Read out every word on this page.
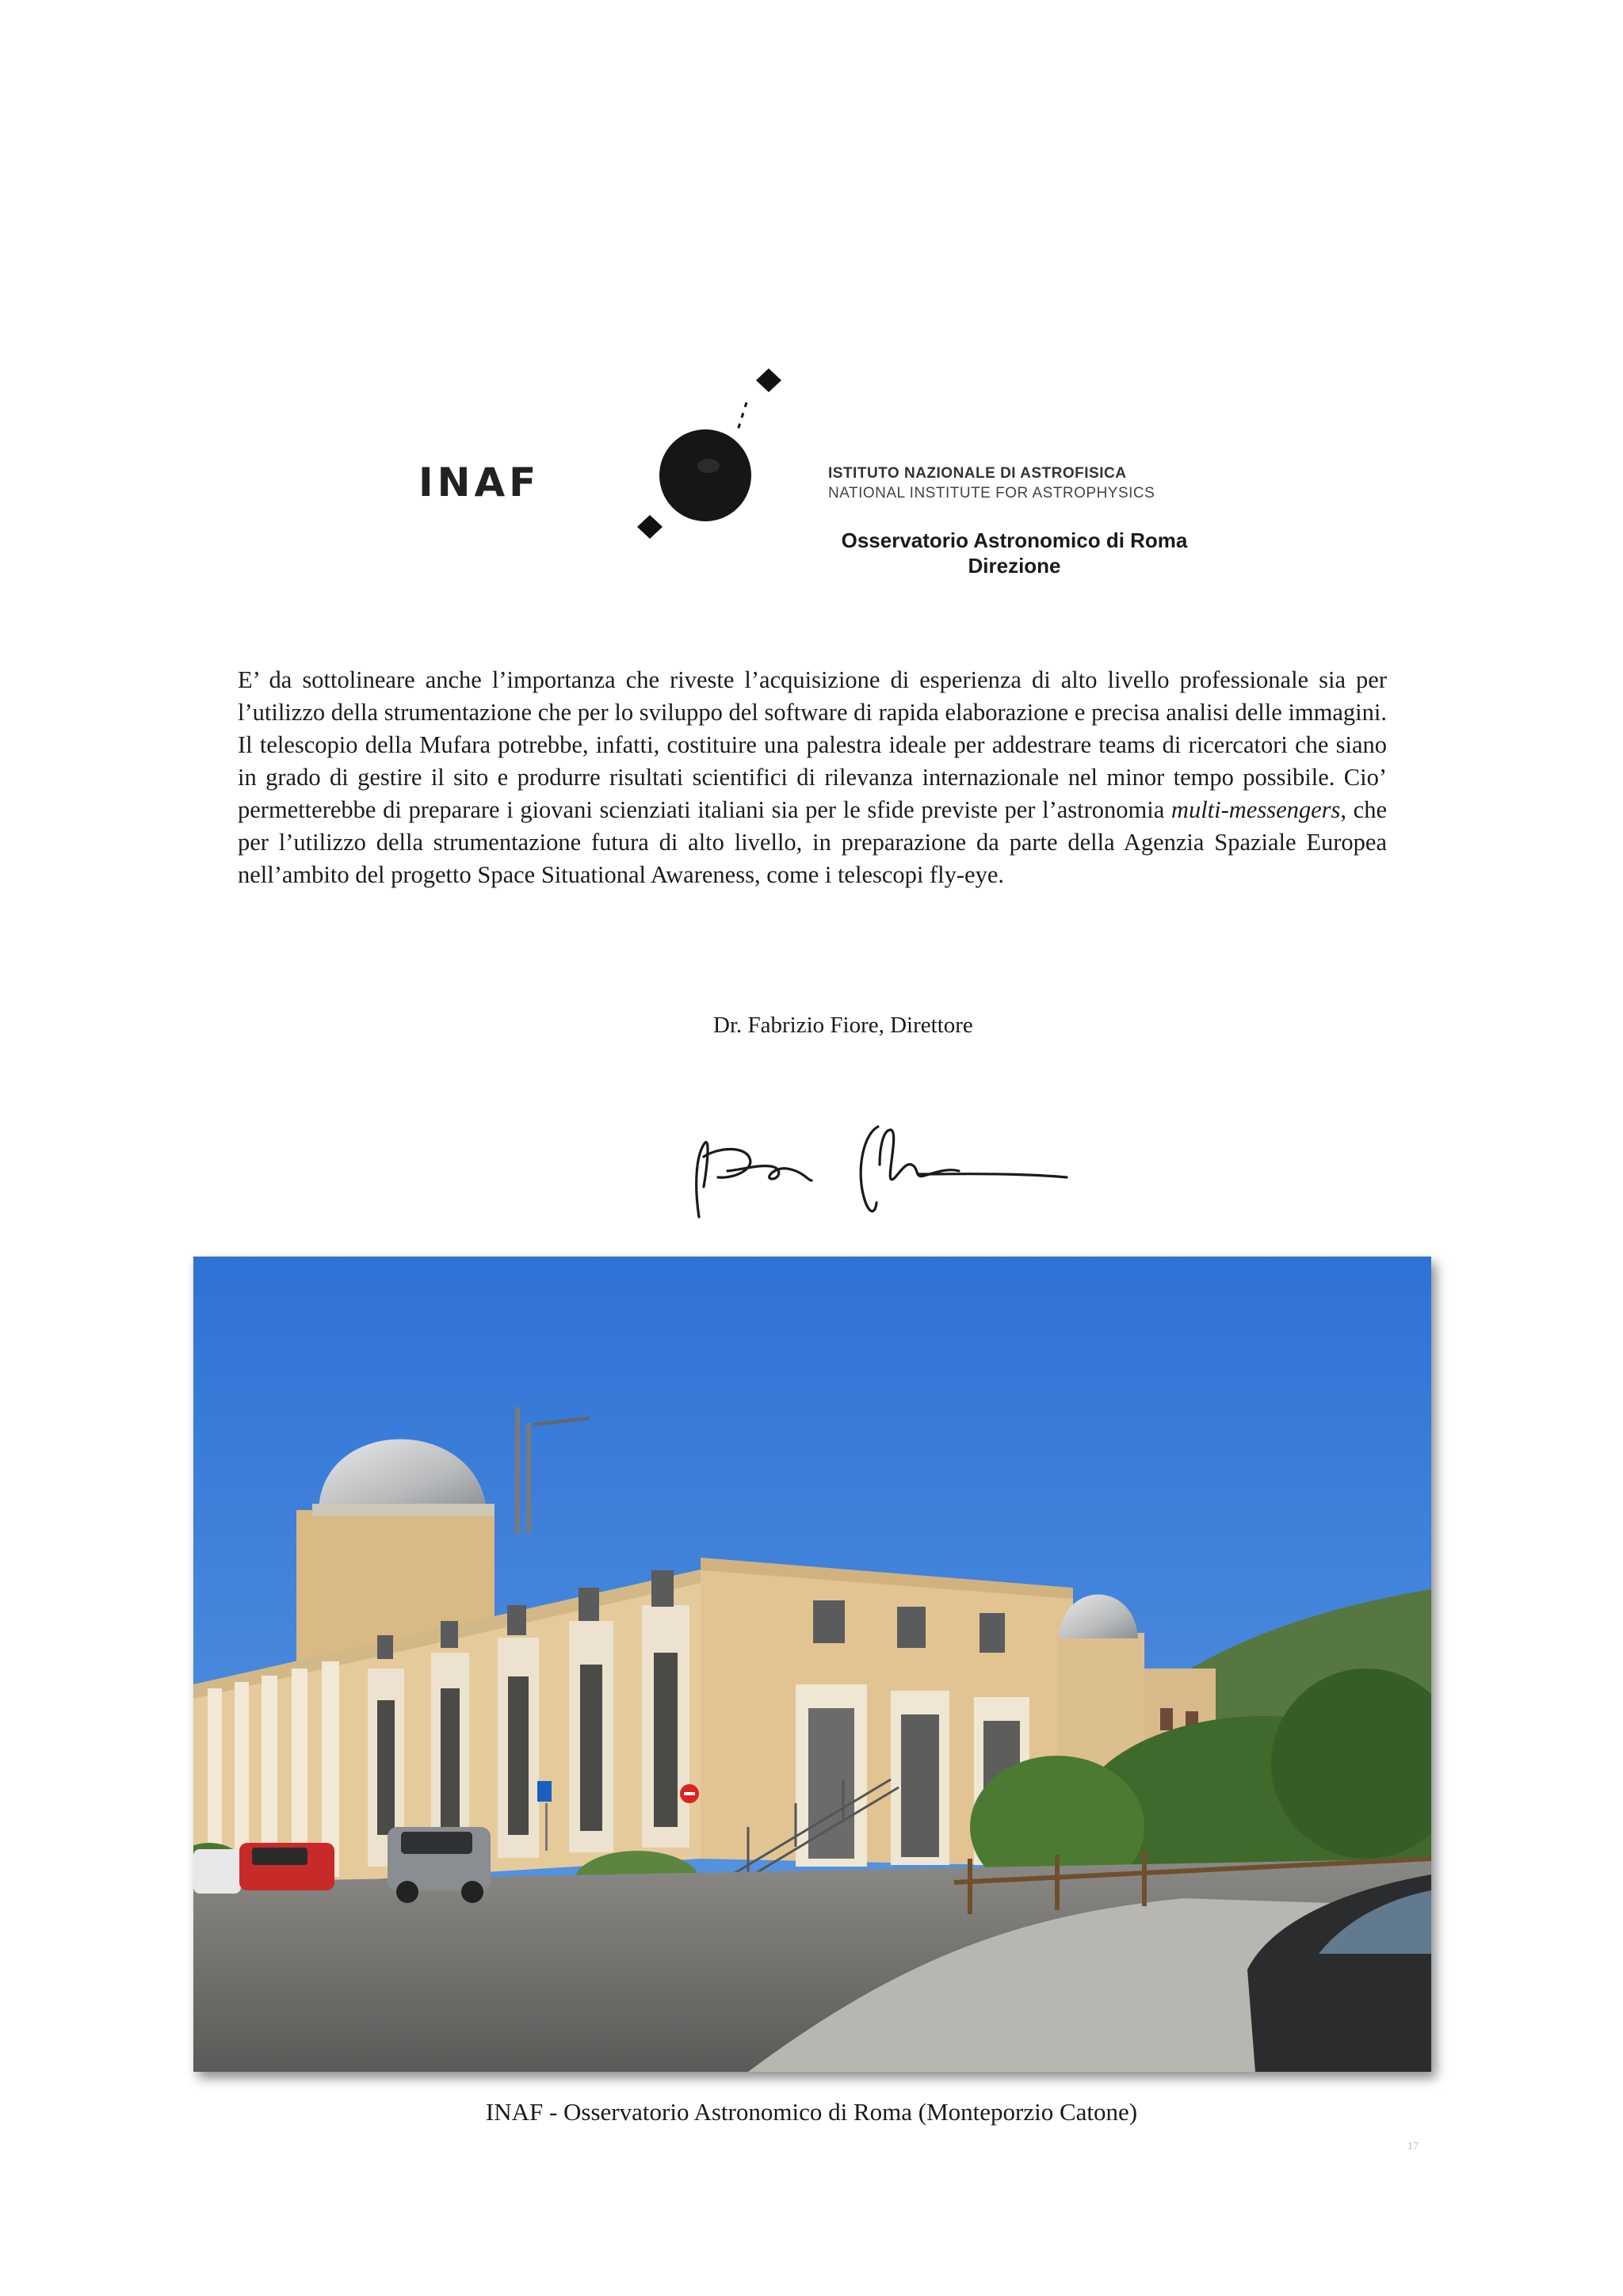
INAF	ISTITUTO NAZIONALE DI ASTROFISICA
NATIONAL INSTITUTE FOR ASTROPHYSICS
Osservatorio Astronomico di Roma
Direzione
E’ da sottolineare anche l’importanza che riveste l’acquisizione di esperienza di alto livello professionale sia per l’utilizzo della strumentazione che per lo sviluppo del software di rapida elaborazione e precisa analisi delle immagini. Il telescopio della Mufara potrebbe, infatti, costituire una palestra ideale per addestrare teams di ricercatori che siano in grado di gestire il sito e produrre risultati scientifici di rilevanza internazionale nel minor tempo possibile. Cio’ permetterebbe di preparare i giovani scienziati italiani sia per le sfide previste per l’astronomia multi-messengers, che per l’utilizzo della strumentazione futura di alto livello, in preparazione da parte della Agenzia Spaziale Europea nell’ambito del progetto Space Situational Awareness, come i telescopi fly-eye.
Dr. Fabrizio Fiore, Direttore
INAF - Osservatorio Astronomico di Roma (Monteporzio Catone)
17
